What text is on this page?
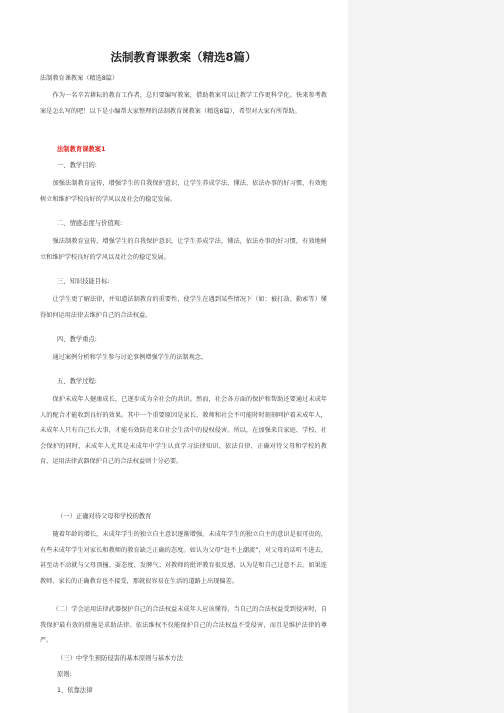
法制教育课教案（精选8篇）
法制教育课教案（精选8篇）
作为一名辛苦耕耘的教育工作者，总归要编写教案，借助教案可以让教学工作更科学化。快来参考教案是怎么写的吧！以下是小编帮大家整理的法制教育课教案（精选8篇），希望对大家有所帮助。
法制教育课教案1
一、教学目的:
加强法制教育宣传，增强学生的自我保护意识，让学生养成学法、懂法、依法办事的好习惯，有效地树立和维护学校良好的学风以及社会的稳定发展。
二、情感态度与价值观:
强法制教育宣传，增强学生的自我保护意识，让学生养成学法，懂法，依法办事的好习惯，有效地树立和维护学校良好的学风以及社会的稳定发展。
三、知识技能目标:
让学生更了解法律，并知道法制教育的重要性，使学生在遇到某些情况下（如：被打劫、勒索等）懂得如何运用法律去维护自己的合法权益。
四、教学重点:
通过案例分析和学生参与讨论事例增强学生的法制观念。
五、教学过程:
保护未成年人健康成长，已逐步成为全社会的共识。然而，社会各方面的保护和帮助还要通过未成年人的配合才能收到良好的效果。其中一个重要原因是家长、教师和社会不可能时时刻刻呵护着未成年人，未成年人只有自己长大事，才能有效防范来自社会生活中的侵权侵害。所以，在加强来自家庭、学校、社会保护的同时，未成年人尤其是未成年中学生认真学习法律知识、依法自律、正确对待父母和学校的教育、运用法律武器保护自己的合法权益则十分必要。
（一）正确对待父母和学校的教育
随着年龄的增长，未成年学生的独立自主意识逐渐增强。未成年学生的独立自主的意识是很可贵的，有些未成年学生对家长和教师的教育缺乏正确的态度。如认为父母“赶不上潮流”，对父母的话听不进去，甚至动不动就与父母顶撞、耍态度、发脾气；对教师的批评教育很反感，认为是和自己过意不去。如果连教师、家长的正确教育也不接受，那就很容易在生活的道路上出现偏差。
（二）学会运用法律武器保护自己的合法权益未成年人应该懂得，当自己的合法权益受到侵害时，自我保护最有效的措施是求助法律。依法维权不仅能保护自己的合法权益不受侵害，而且是维护法律的尊严。
（三）中学生预防侵害的基本原则与基本方法
原则:
1、依靠法律
